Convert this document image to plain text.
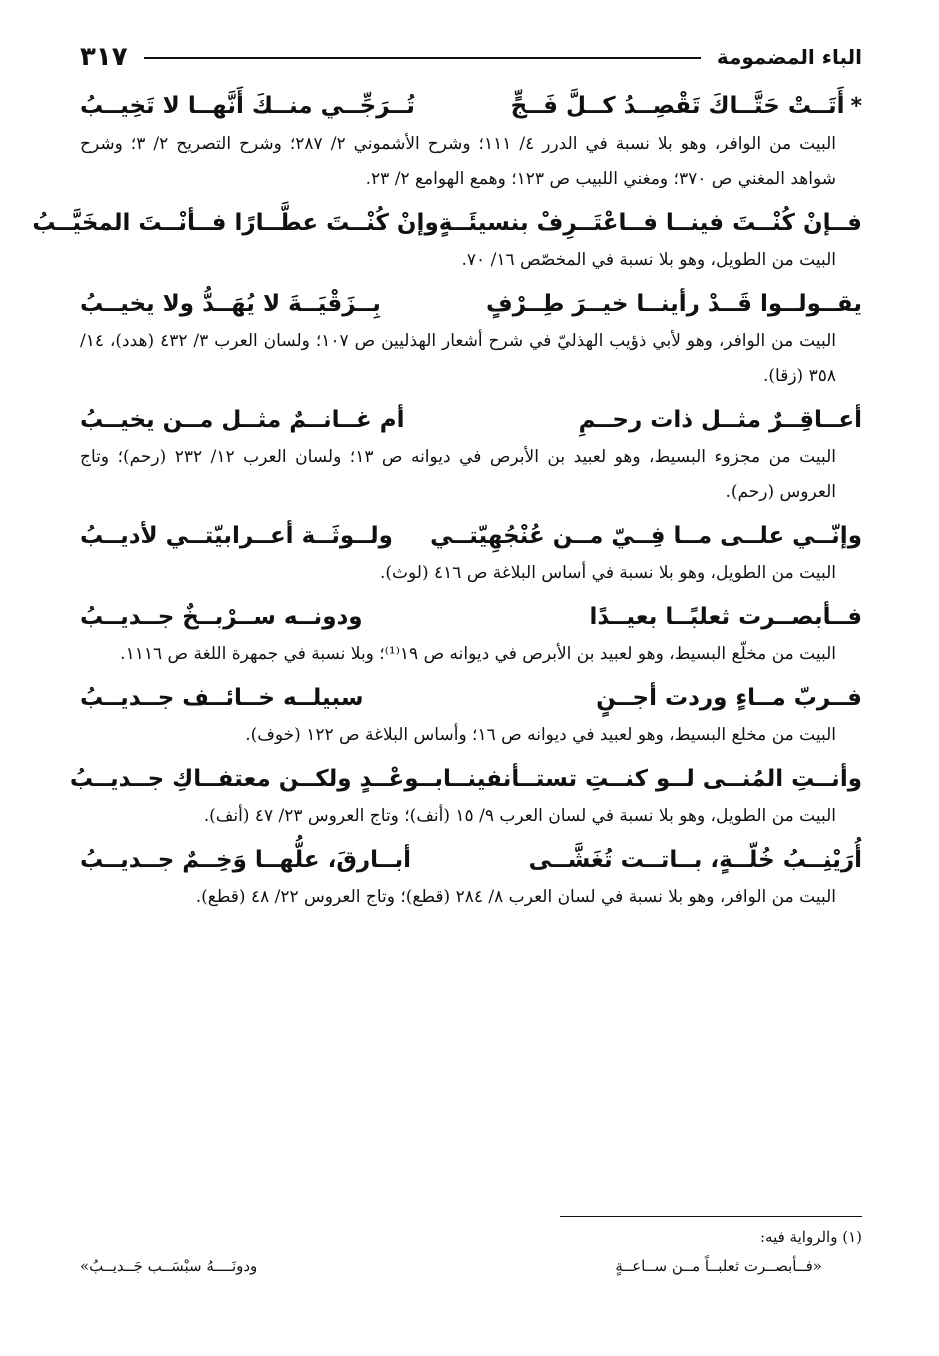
الباء المضمومة
٣١٧
*
أَتَــتْ حَتَّــاكَ تَقْصِــدُ كــلَّ فَــجٍّ
تُــرَجِّــي منــكَ أَنَّهــا لا تَخِيــبُ
البيت من الوافر، وهو بلا نسبة في الدرر ٤/ ١١١؛ وشرح الأشموني ٢/ ٢٨٧؛ وشرح التصريح ٢/ ٣؛ وشرح شواهد المغني ص ٣٧٠؛ ومغني اللبيب ص ١٢٣؛ وهمع الهوامع ٢/ ٢٣.
فــإنْ كُنْــتَ فينــا فــاعْتَــرِفْ بنسيئَــةٍ
وإنْ كُنْــتَ عطَّــارًا فــأنْــتَ المخَيَّــبُ
البيت من الطويل، وهو بلا نسبة في المخصّص ١٦/ ٧٠.
يقــولــوا قَــدْ رأينــا خيــرَ طِــرْفٍ
بِــزَقْيَــةَ لا يُهَــدُّ ولا يخيــبُ
البيت من الوافر، وهو لأبي ذؤيب الهذليّ في شرح أشعار الهذليين ص ١٠٧؛ ولسان العرب ٣/ ٤٣٢ (هدد)، ١٤/ ٣٥٨ (زقا).
أعــاقِــرٌ مثــل ذات رحــمِ
أم غــانــمٌ مثــل مــن يخيــبُ
البيت من مجزوء البسيط، وهو لعبيد بن الأبرص في ديوانه ص ١٣؛ ولسان العرب ١٢/ ٢٣٢ (رحم)؛ وتاج العروس (رحم).
وإنّــي علــى مــا فِــيّ مــن عُنْجُهِيّتــي
ولــوثَــة أعــرابيّتــي لأديــبُ
البيت من الطويل، وهو بلا نسبة في أساس البلاغة ص ٤١٦ (لوث).
فــأبصــرت ثعلبًــا بعيــدًا
ودونــه ســرْبــخٌ جــديــبُ
البيت من مخلّع البسيط، وهو لعبيد بن الأبرص في ديوانه ص ١٩⁽¹⁾؛ وبلا نسبة في جمهرة اللغة ص ١١١٦.
فــربّ مــاءٍ وردت أجــنٍ
سبيلــه خــائــف جــديــبُ
البيت من مخلع البسيط، وهو لعبيد في ديوانه ص ١٦؛ وأساس البلاغة ص ١٢٢ (خوف).
وأنــتِ المُنــى لــو كنــتِ تستــأنفينــا
بــوعْــدٍ ولكــن معتفــاكِ جــديــبُ
البيت من الطويل، وهو بلا نسبة في لسان العرب ٩/ ١٥ (أنف)؛ وتاج العروس ٢٣/ ٤٧ (أنف).
أُرَيْنِــبُ خُلّــةٍ، بــاتــت تُغَشَّــى
أبــارقَ، علُّهــا وَخِــمٌ جــديــبُ
البيت من الوافر، وهو بلا نسبة في لسان العرب ٨/ ٢٨٤ (قطع)؛ وتاج العروس ٢٢/ ٤٨ (قطع).
(١) والرواية فيه:
«فــأبصــرت ثعلبــاً مــن ســاعــةٍ
ودونَــــهُ سبْسَــب جَــديــبُ»
